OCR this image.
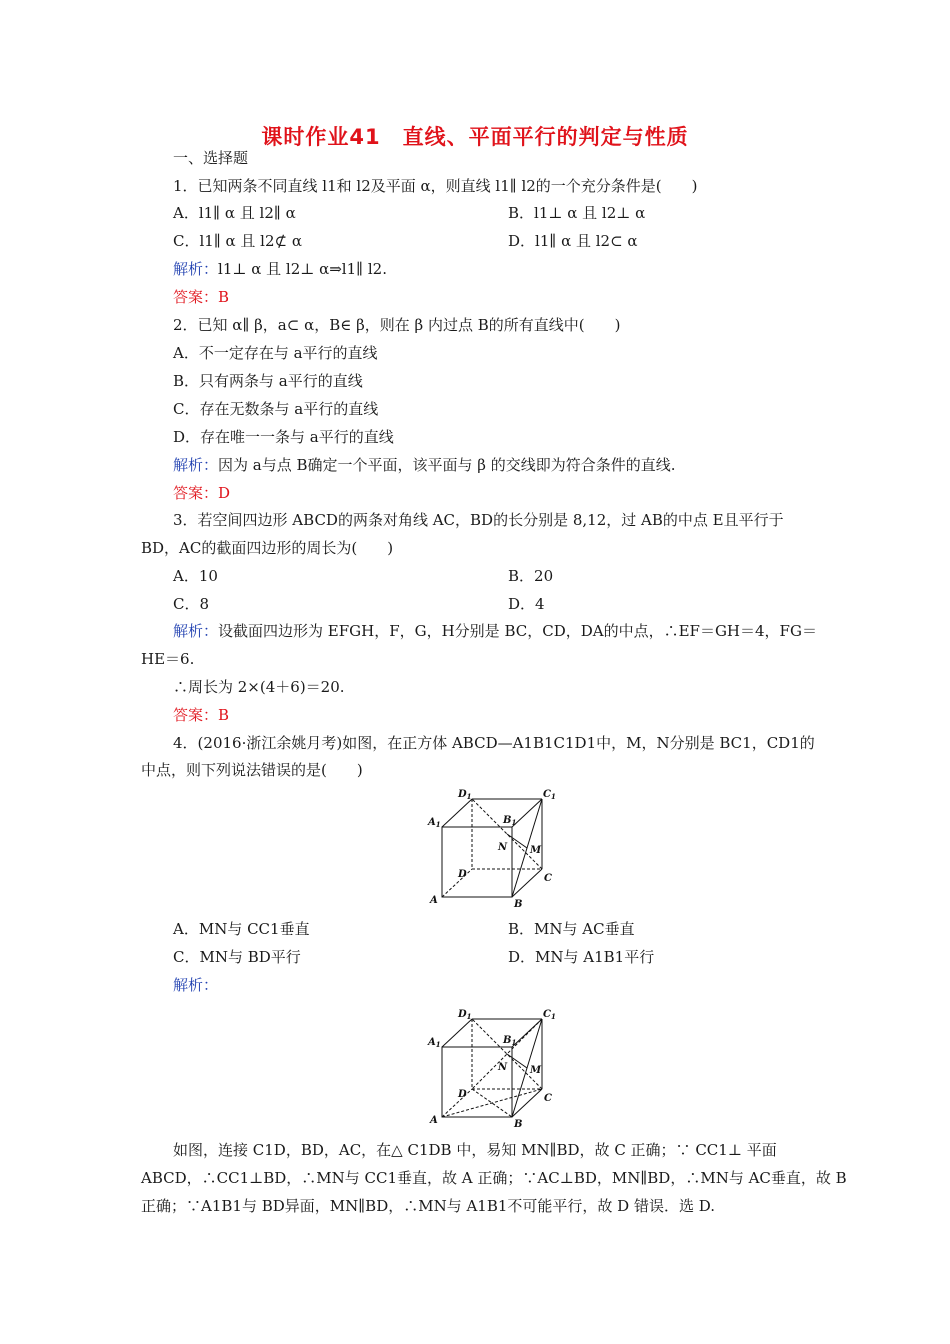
课时作业41　直线、平面平行的判定与性质
一、选择题
1．已知两条不同直线 l1和 l2及平面 α，则直线 l1∥ l2的一个充分条件是(　　)
A．l1∥ α 且 l2∥ α	B．l1⊥ α 且 l2⊥ α
C．l1∥ α 且 l2⊄ α	D．l1∥ α 且 l2⊂ α
解析：l1⊥ α 且 l2⊥ α⇒l1∥ l2.
答案：B
2．已知 α∥ β，a⊂ α，B∈ β，则在 β 内过点 B的所有直线中(　　)
A．不一定存在与 a平行的直线
B．只有两条与 a平行的直线
C．存在无数条与 a平行的直线
D．存在唯一一条与 a平行的直线
解析：因为 a与点 B确定一个平面，该平面与 β 的交线即为符合条件的直线.
答案：D
3．若空间四边形 ABCD的两条对角线 AC，BD的长分别是 8,12，过 AB的中点 E且平行于
BD，AC的截面四边形的周长为(　　)
A．10	B．20
C．8	D．4
解析：设截面四边形为 EFGH，F，G，H分别是 BC，CD，DA的中点，∴EF＝GH＝4，FG＝
HE＝6.
∴周长为 2×(4＋6)＝20.
答案：B
4．(2016·浙江余姚月考)如图，在正方体 ABCD—A1B1C1D1中，M，N分别是 BC1，CD1的
中点，则下列说法错误的是(　　)
$D_1$	$C_1$
$A_1$	$B_1$
N M
D	C
A	B
A．MN与 CC1垂直	B．MN与 AC垂直
C．MN与 BD平行	D．MN与 A1B1平行
解析：
$D_1$	$C_1$
$A_1$	$B_1$
N M
D	C
A	B
如图，连接 C1D，BD，AC，在△ C1DB 中，易知 MN∥BD，故 C 正确；∵ CC1⊥ 平面
ABCD，∴CC1⊥BD，∴MN与 CC1垂直，故 A 正确；∵AC⊥BD，MN∥BD，∴MN与 AC垂直，故 B
正确；∵A1B1与 BD异面，MN∥BD，∴MN与 A1B1不可能平行，故 D 错误．选 D.
